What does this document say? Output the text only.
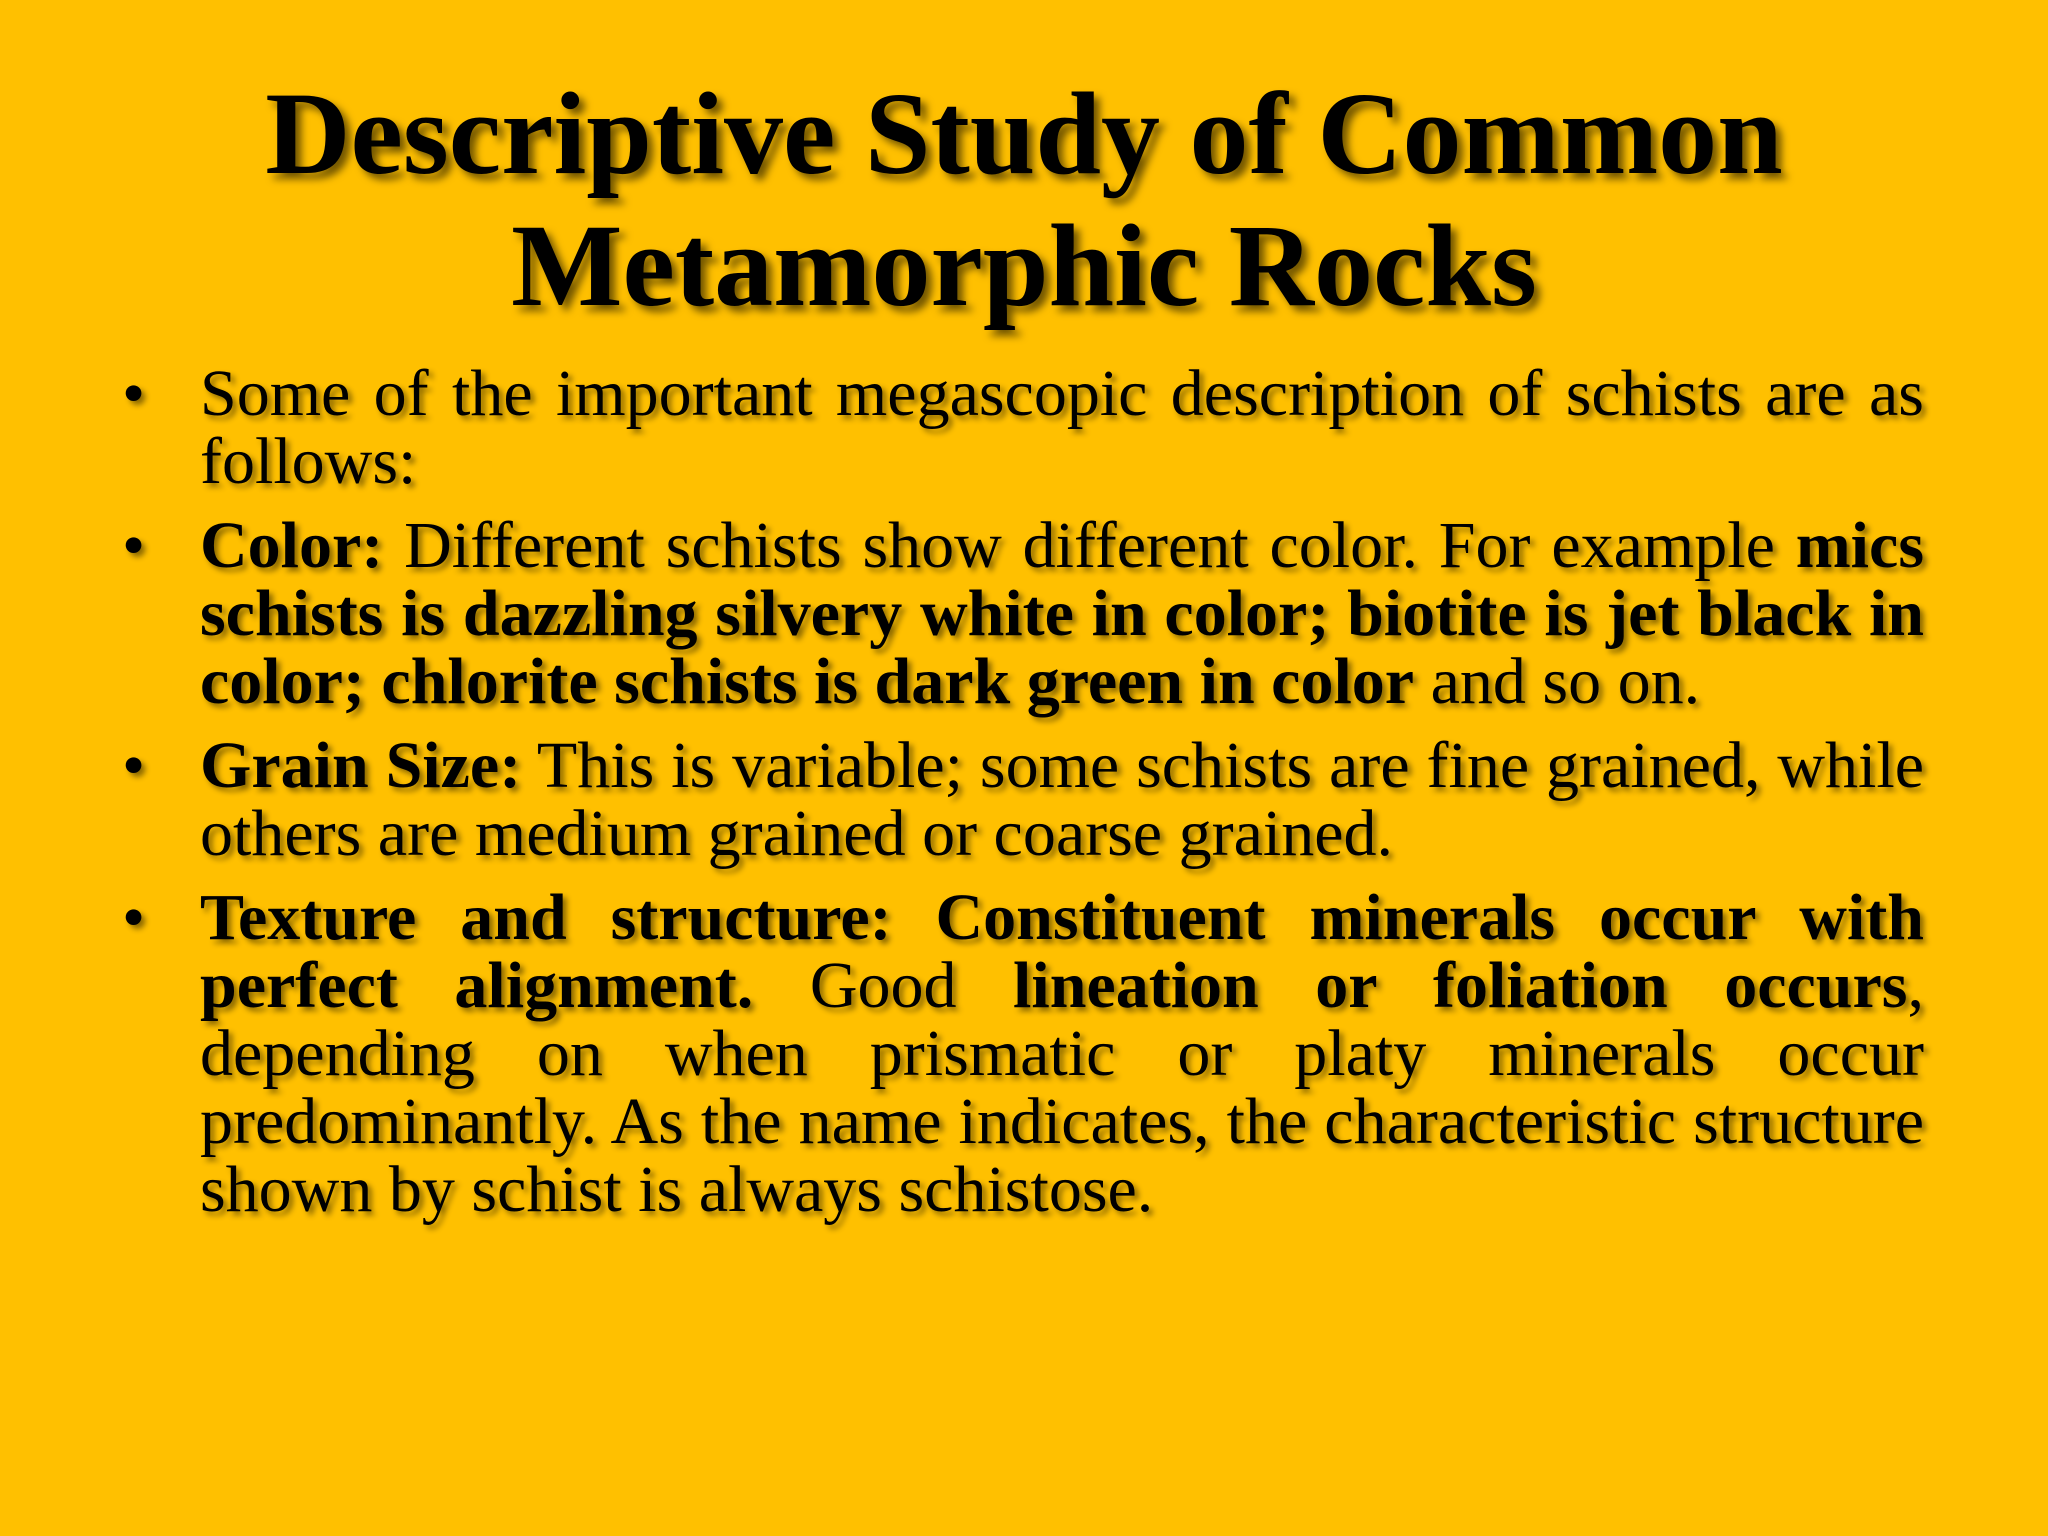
Descriptive Study of Common
Metamorphic Rocks
• Some of the important megascopic description of schists are as follows:
• Color: Different schists show different color. For example mics schists is dazzling silvery white in color; biotite is jet black in color; chlorite schists is dark green in color and so on.
• Grain Size: This is variable; some schists are fine grained, while others are medium grained or coarse grained.
• Texture and structure: Constituent minerals occur with perfect alignment. Good lineation or foliation occurs, depending on when prismatic or platy minerals occur predominantly. As the name indicates, the characteristic structure shown by schist is always schistose.
